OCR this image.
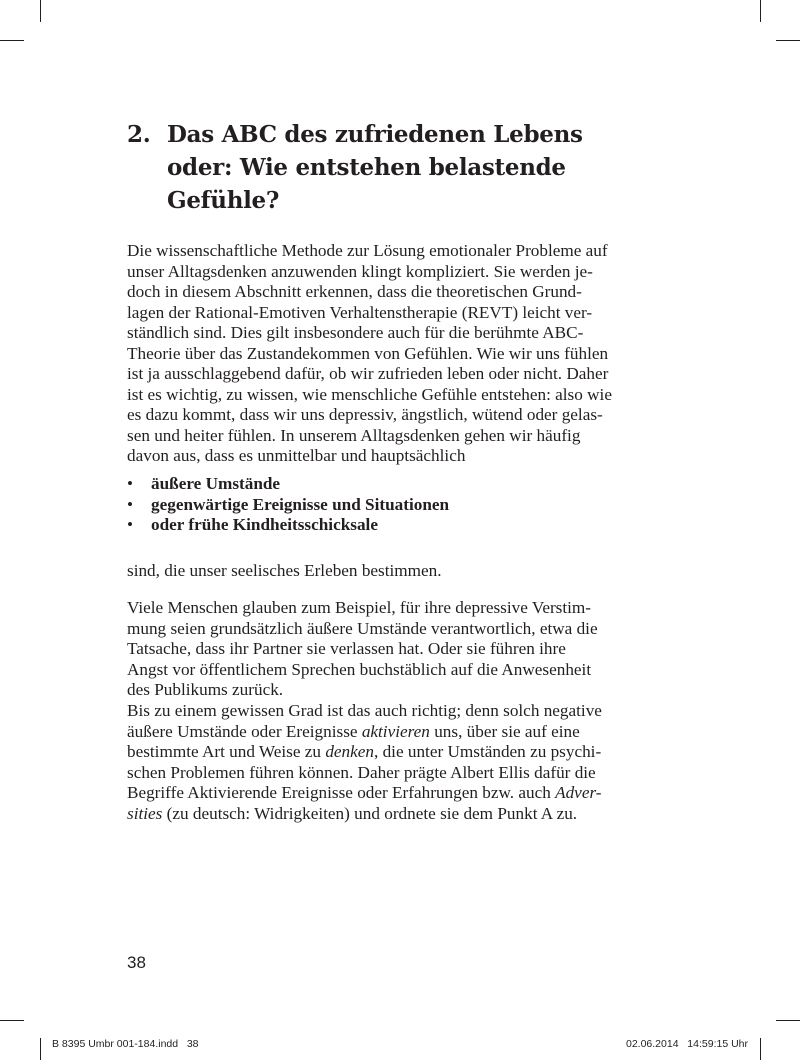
2. Das ABC des zufriedenen Lebens
oder: Wie entstehen belastende
Gefühle?

Die wissenschaftliche Methode zur Lösung emotionaler Probleme auf

unser Alltagsdenken anzuwenden klingt kompliziert. Sie werden je-

doch in diesem Abschnitt erkennen, dass die theoretischen Grund-

lagen der Rational-Emotiven Verhaltenstherapie (REVT) leicht ver-

ständlich sind. Dies gilt insbesondere auch für die berühmte ABC-

Theorie über das Zustandekommen von Gefühlen. Wie wir uns fühlen

ist ja ausschlaggebend dafür, ob wir zufrieden leben oder nicht. Daher

ist es wichtig, zu wissen, wie menschliche Gefühle entstehen: also wie

es dazu kommt, dass wir uns depressiv, ängstlich, wütend oder gelas-

sen und heiter fühlen. In unserem Alltagsdenken gehen wir häufig

davon aus, dass es unmittelbar und hauptsächlich

• äußere Umstände
• gegenwärtige Ereignisse und Situationen
• oder frühe Kindheitsschicksale

sind, die unser seelisches Erleben bestimmen.

Viele Menschen glauben zum Beispiel, für ihre depressive Verstim-

mung seien grundsätzlich äußere Umstände verantwortlich, etwa die

Tatsache, dass ihr Partner sie verlassen hat. Oder sie führen ihre

Angst vor öffentlichem Sprechen buchstäblich auf die Anwesenheit

des Publikums zurück.

Bis zu einem gewissen Grad ist das auch richtig; denn solch negative

äußere Umstände oder Ereignisse aktivieren uns, über sie auf eine

bestimmte Art und Weise zu denken, die unter Umständen zu psychi-

schen Problemen führen können. Daher prägte Albert Ellis dafür die

Begriffe Aktivierende Ereignisse oder Erfahrungen bzw. auch Adver-

sities (zu deutsch: Widrigkeiten) und ordnete sie dem Punkt A zu.

38
B 8395 Umbr 001-184.indd   38	02.06.2014   14:59:15 Uhr
